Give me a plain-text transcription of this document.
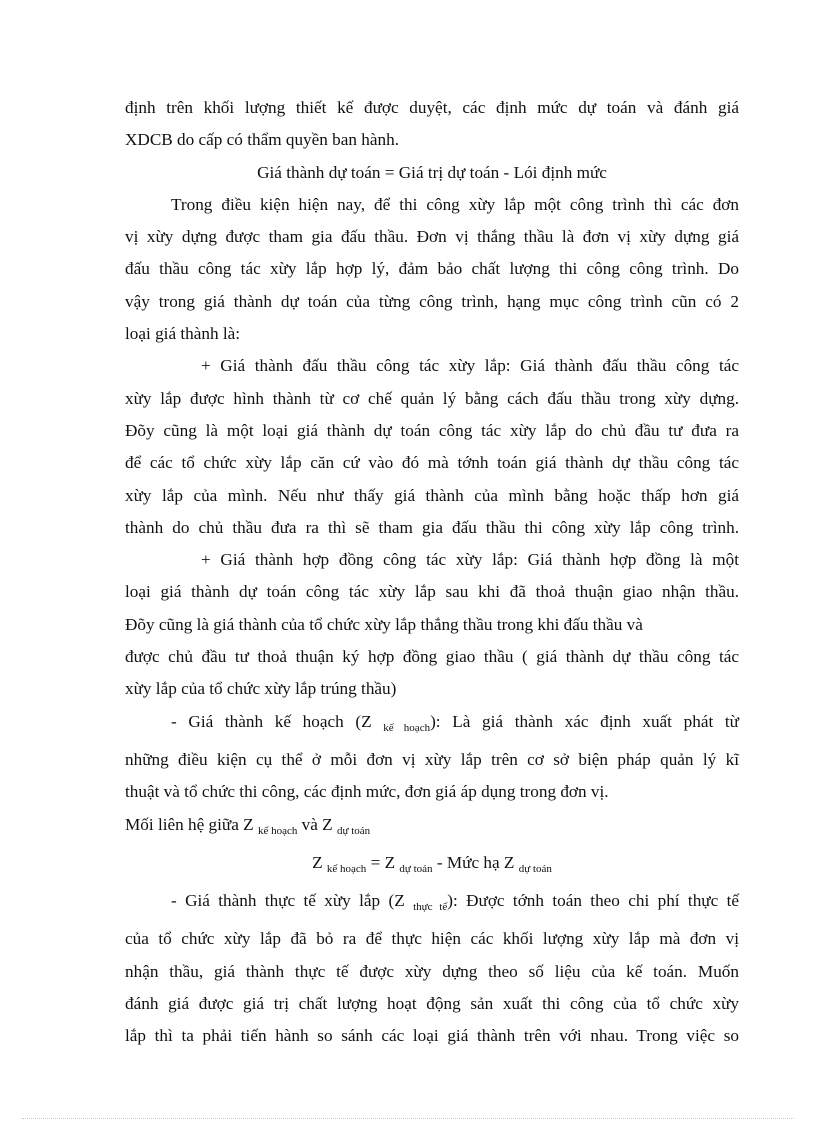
định trên khối lượng thiết kế được duyệt, các định mức dự toán và đánh giá
XDCB do cấp có thẩm quyền ban hành.
Giá thành dự toán = Giá trị dự toán - Lói định mức
Trong điều kiện hiện nay, để thi công xừy lắp một công trình thì các đơn
vị xừy dựng được tham gia đấu thầu. Đơn vị thắng thầu là đơn vị xừy dựng giá
đấu thầu công tác xừy lắp hợp lý, đảm bảo chất lượng thi công công trình. Do
vậy trong giá thành dự toán của từng công trình, hạng mục công trình cũn có 2
loại giá thành là:
+ Giá thành đấu thầu công tác xừy lắp: Giá thành đấu thầu công tác
xừy lắp được hình thành từ cơ chế quản lý bằng cách đấu thầu trong xừy dựng.
Đõy cũng là một loại giá thành dự toán công tác xừy lắp do chủ đầu tư đưa ra
để các tổ chức xừy lắp căn cứ vào đó mà tớnh toán giá thành dự thầu công tác
xừy lắp của mình. Nếu như thấy giá thành của mình bằng hoặc thấp hơn giá
thành do chủ thầu đưa ra thì sẽ tham gia đấu thầu thi công xừy lắp công trình.
+ Giá thành hợp đồng công tác xừy lắp: Giá thành hợp đồng là một
loại giá thành dự toán công tác xừy lắp sau khi đã thoả thuận giao nhận thầu.
Đõy cũng là giá thành của tổ chức xừy lắp thắng thầu trong khi đấu thầu và
được chủ đầu tư thoả thuận ký hợp đồng giao thầu ( giá thành dự thầu công tác
xừy lắp của tổ chức xừy lắp trúng thầu)
- Giá thành kế hoạch (Z $_{kế hoạch}$): Là giá thành xác định xuất phát từ
những điều kiện cụ thể ở mỗi đơn vị xừy lắp trên cơ sở biện pháp quản lý kĩ
thuật và tổ chức thi công, các định mức, đơn giá áp dụng trong đơn vị.
Mối liên hệ giữa Z $_{kế hoạch}$ và Z $_{dự toán}$
Z $_{kế hoạch}$ = Z $_{dự toán}$ - Mức hạ Z $_{dự toán}$
- Giá thành thực tế xừy lắp (Z $_{thực tế}$): Được tớnh toán theo chi phí thực tế
của tổ chức xừy lắp đã bỏ ra để thực hiện các khối lượng xừy lắp mà đơn vị
nhận thầu, giá thành thực tế được xừy dựng theo số liệu của kế toán. Muốn
đánh giá được giá trị chất lượng hoạt động sản xuất thi công của tổ chức xừy
lắp thì ta phải tiến hành so sánh các loại giá thành trên với nhau. Trong việc so
